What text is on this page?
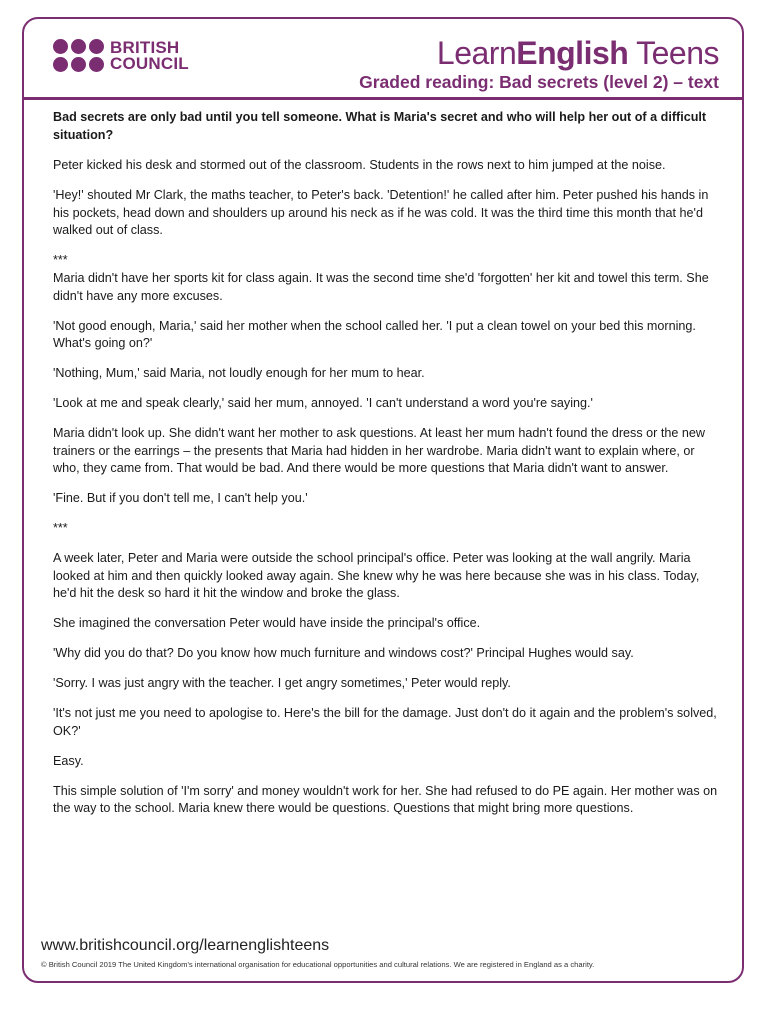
BRITISH
COUNCIL	LearnEnglish Teens
Graded reading: Bad secrets (level 2) – text

Bad secrets are only bad until you tell someone. What is Maria's secret and who will help her out of a difficult situation?

Peter kicked his desk and stormed out of the classroom. Students in the rows next to him jumped at the noise.

'Hey!' shouted Mr Clark, the maths teacher, to Peter's back. 'Detention!' he called after him. Peter pushed his hands in his pockets, head down and shoulders up around his neck as if he was cold. It was the third time this month that he'd walked out of class.

***

Maria didn't have her sports kit for class again. It was the second time she'd 'forgotten' her kit and towel this term. She didn't have any more excuses.

'Not good enough, Maria,' said her mother when the school called her. 'I put a clean towel on your bed this morning. What's going on?'

'Nothing, Mum,' said Maria, not loudly enough for her mum to hear.

'Look at me and speak clearly,' said her mum, annoyed. 'I can't understand a word you're saying.'

Maria didn't look up. She didn't want her mother to ask questions. At least her mum hadn't found the dress or the new trainers or the earrings – the presents that Maria had hidden in her wardrobe. Maria didn't want to explain where, or who, they came from. That would be bad. And there would be more questions that Maria didn't want to answer.

'Fine. But if you don't tell me, I can't help you.'

***

A week later, Peter and Maria were outside the school principal's office. Peter was looking at the wall angrily. Maria looked at him and then quickly looked away again. She knew why he was here because she was in his class. Today, he'd hit the desk so hard it hit the window and broke the glass.

She imagined the conversation Peter would have inside the principal's office.

'Why did you do that? Do you know how much furniture and windows cost?' Principal Hughes would say.

'Sorry. I was just angry with the teacher. I get angry sometimes,' Peter would reply.

'It's not just me you need to apologise to. Here's the bill for the damage. Just don't do it again and the problem's solved, OK?'

Easy.

This simple solution of 'I'm sorry' and money wouldn't work for her. She had refused to do PE again. Her mother was on the way to the school. Maria knew there would be questions. Questions that might bring more questions.

www.britishcouncil.org/learnenglishteens
© British Council 2019 The United Kingdom's international organisation for educational opportunities and cultural relations. We are registered in England as a charity.
